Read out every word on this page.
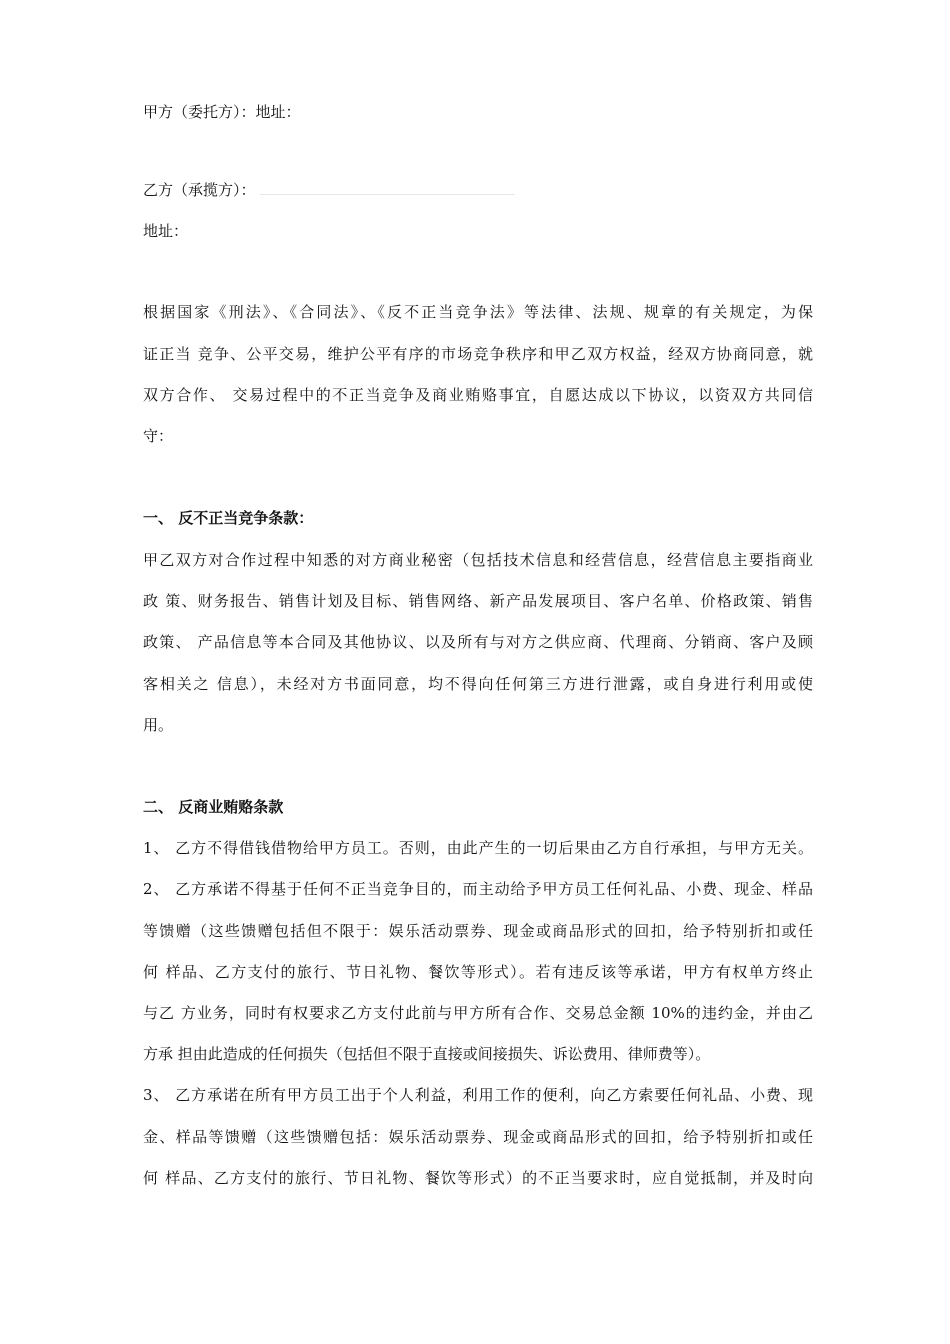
甲方（委托方）：地址：
乙方（承揽方）：
地址：
根据国家《刑法》、《合同法》、《反不正当竞争法》等法律、法规、规章的有关规定，为保
证正当 竞争、公平交易，维护公平有序的市场竞争秩序和甲乙双方权益，经双方协商同意，就
双方合作、 交易过程中的不正当竞争及商业贿赂事宜，自愿达成以下协议，以资双方共同信
守：
一、 反不正当竞争条款：
甲乙双方对合作过程中知悉的对方商业秘密（包括技术信息和经营信息，经营信息主要指商业
政 策、财务报告、销售计划及目标、销售网络、新产品发展项目、客户名单、价格政策、销售
政策、 产品信息等本合同及其他协议、以及所有与对方之供应商、代理商、分销商、客户及顾
客相关之 信息），未经对方书面同意，均不得向任何第三方进行泄露，或自身进行利用或使
用。
二、 反商业贿赂条款
1、 乙方不得借钱借物给甲方员工。否则，由此产生的一切后果由乙方自行承担，与甲方无关。
2、 乙方承诺不得基于任何不正当竞争目的，而主动给予甲方员工任何礼品、小费、现金、样品
等馈赠（这些馈赠包括但不限于：娱乐活动票券、现金或商品形式的回扣，给予特别折扣或任
何 样品、乙方支付的旅行、节日礼物、餐饮等形式）。若有违反该等承诺，甲方有权单方终止
与乙 方业务，同时有权要求乙方支付此前与甲方所有合作、交易总金额 10%的违约金，并由乙
方承 担由此造成的任何损失（包括但不限于直接或间接损失、诉讼费用、律师费等）。
3、 乙方承诺在所有甲方员工出于个人利益，利用工作的便利，向乙方索要任何礼品、小费、现
金、样品等馈赠（这些馈赠包括：娱乐活动票券、现金或商品形式的回扣，给予特别折扣或任
何 样品、乙方支付的旅行、节日礼物、餐饮等形式）的不正当要求时，应自觉抵制，并及时向
